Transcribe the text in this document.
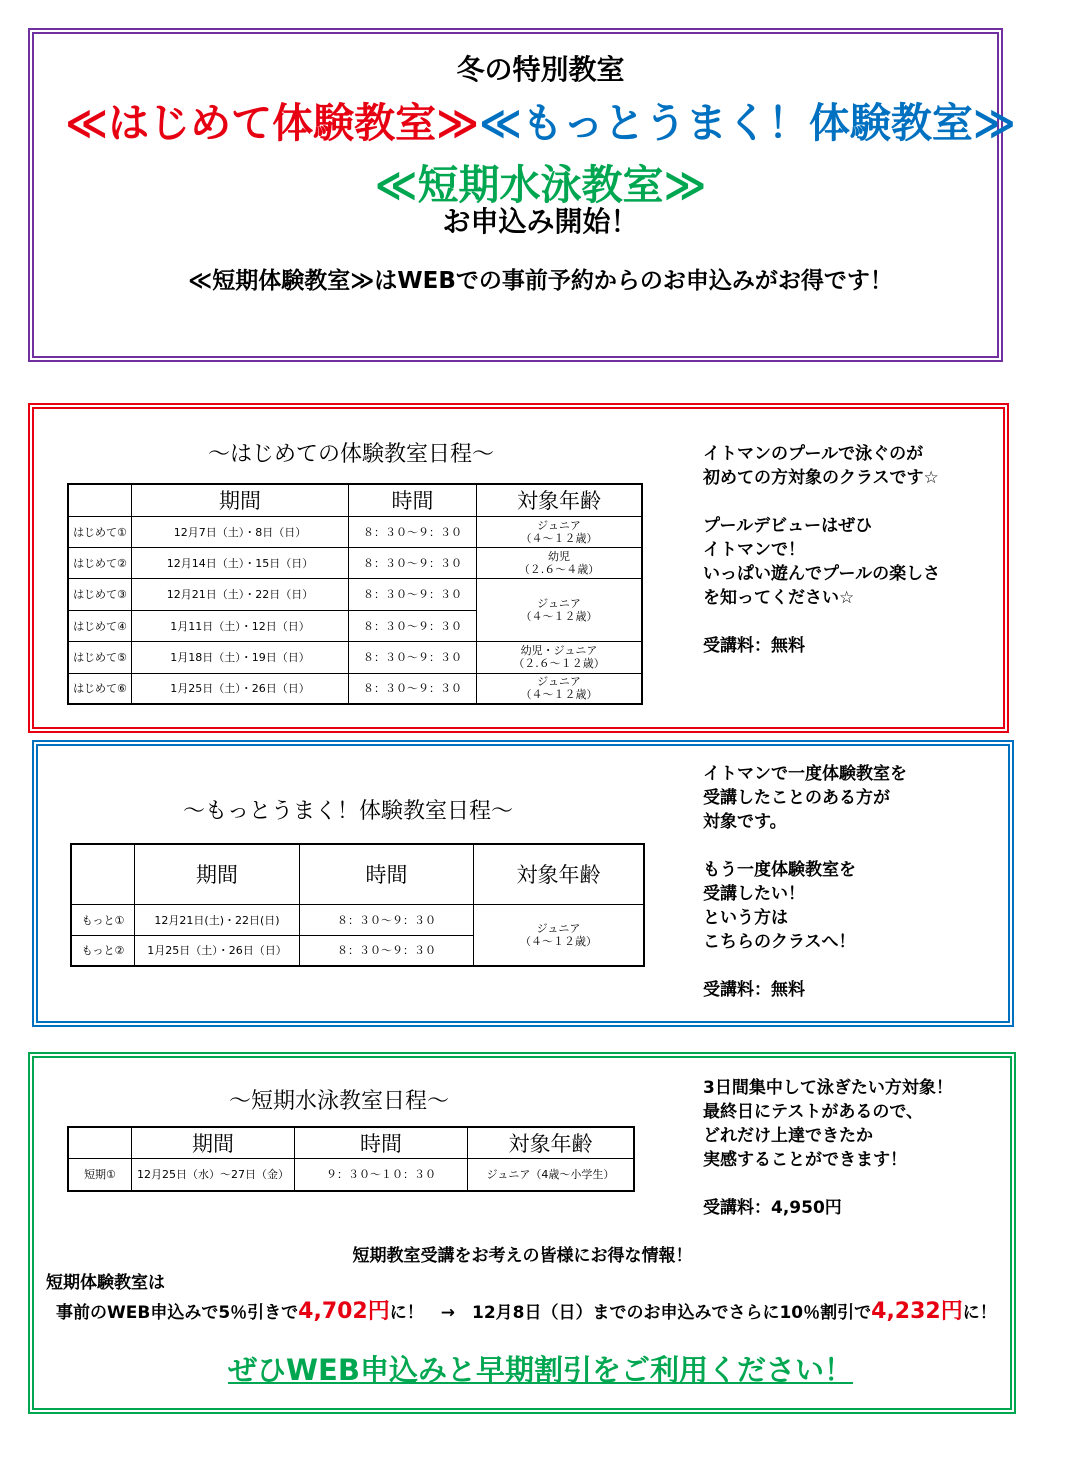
冬の特別教室
≪はじめて体験教室≫≪もっとうまく！体験教室≫
≪短期水泳教室≫
お申込み開始！
≪短期体験教室≫はWEBでの事前予約からのお申込みがお得です！
～はじめての体験教室日程～
	期間	時間	対象年齢
はじめて①	12月7日（土）・8日（日）	８：３０〜９：３０	ジュニア
（４～１２歳）

はじめて②	12月14日（土）・15日（日）	８：３０〜９：３０	幼児
（２.６～４歳）

はじめて③	12月21日（土）・22日（日）	８：３０〜９：３０	ジュニア
（４～１２歳）

はじめて④	1月11日（土）・12日（日）	８：３０〜９：３０	
はじめて⑤	1月18日（土）・19日（日）	８：３０〜９：３０	幼児・ジュニア
（２.６～１２歳）

はじめて⑥	1月25日（土）・26日（日）	８：３０〜９：３０	ジュニア
（４～１２歳）
イトマンのプールで泳ぐのが
初めての方対象のクラスです☆
プールデビューはぜひ
イトマンで！
いっぱい遊んでプールの楽しさ
を知ってください☆
受講料：無料
～もっとうまく！体験教室日程～
	期間	時間	対象年齢
もっと①	12月21日(土)・22日(日)	８：３０〜９：３０	ジュニア
（４～１２歳）

もっと②	1月25日（土）・26日（日）	８：３０〜９：３０	
イトマンで一度体験教室を
受講したことのある方が
対象です。
もう一度体験教室を
受講したい！
という方は
こちらのクラスへ！
受講料：無料
～短期水泳教室日程～
	期間	時間	対象年齢
短期①	12月25日（水）～27日（金）	９：３０～１０：３０	ジュニア（4歳～小学生）
3日間集中して泳ぎたい方対象！
最終日にテストがあるので、
どれだけ上達できたか
実感することができます！
受講料：4,950円
短期教室受講をお考えの皆様にお得な情報！
短期体験教室は
事前のWEB申込みで5％引きで4,702円に！　→　12月8日（日）までのお申込みでさらに10％割引で4,232円に！
ぜひWEB申込みと早期割引をご利用ください！
